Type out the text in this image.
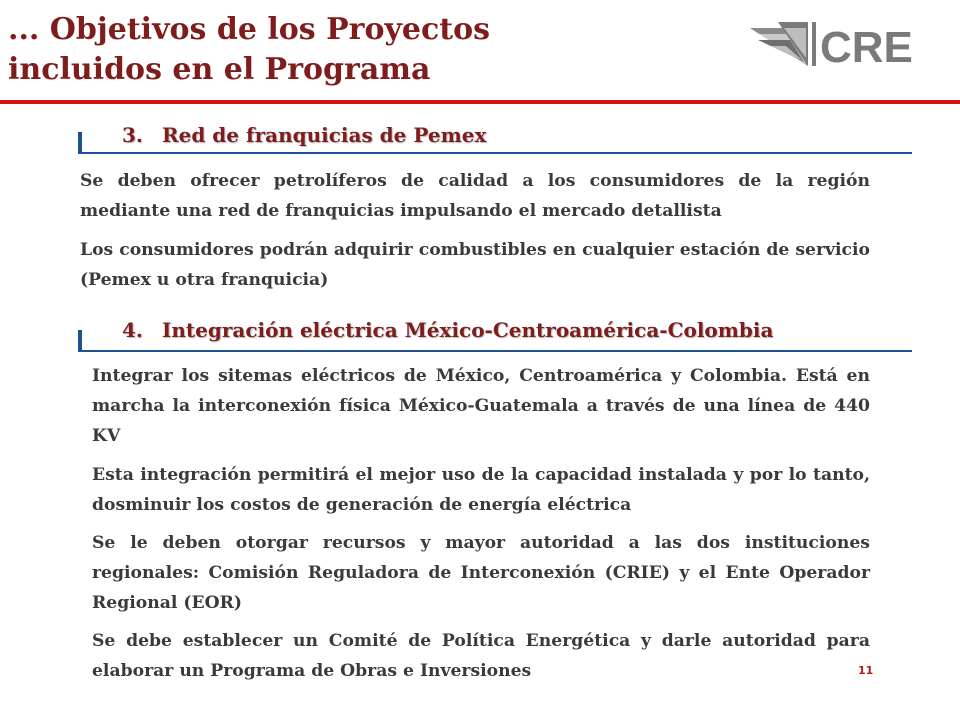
... Objetivos de los Proyectos
incluidos en el Programa	CRE
3. Red de franquicias de Pemex

Se deben ofrecer petrolíferos de calidad a los consumidores de la región mediante una red de franquicias impulsando el mercado detallista

Los consumidores podrán adquirir combustibles en cualquier estación de servicio (Pemex u otra franquicia)

4. Integración eléctrica México-Centroamérica-Colombia

Integrar los sitemas eléctricos de México, Centroamérica y Colombia. Está en marcha la interconexión física México-Guatemala a través de una línea de 440 KV

Esta integración permitirá el mejor uso de la capacidad instalada y por lo tanto, dosminuir los costos de generación de energía eléctrica

Se le deben otorgar recursos y mayor autoridad a las dos instituciones regionales: Comisión Reguladora de Interconexión (CRIE) y el Ente Operador Regional (EOR)

Se debe establecer un Comité de Política Energética y darle autoridad para elaborar un Programa de Obras e Inversiones	11
